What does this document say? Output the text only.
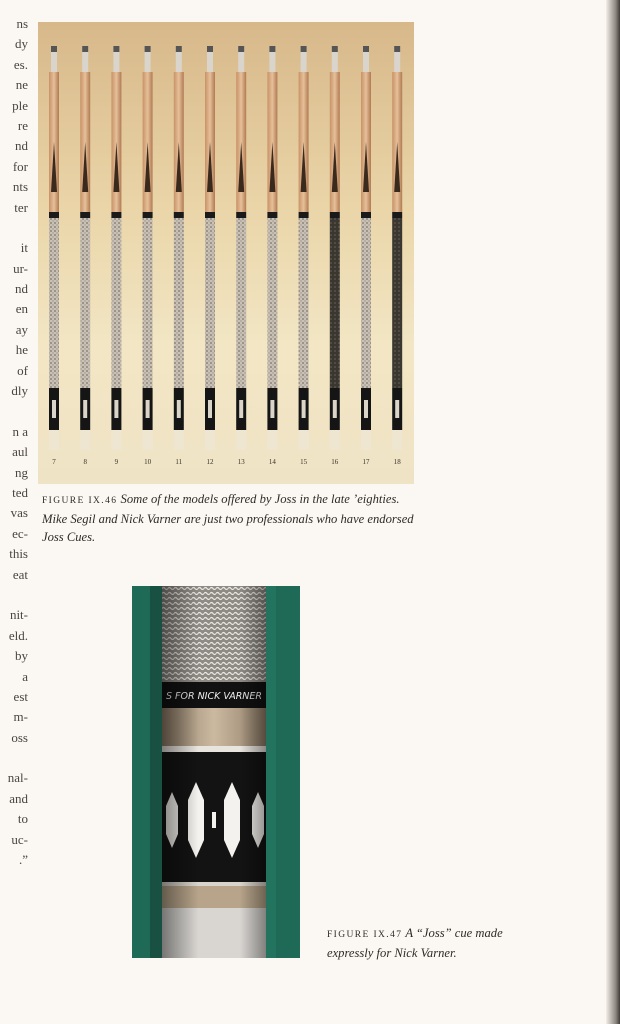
ns
dy
es.
ne
ple
re
nd
for
nts
ter
it
ur-
nd
en
ay
he
of
dly
n a
aul
ng
ted
vas
ec-
this
eat
nit-
eld.
by
a
est
m-
oss
nal-
and
to
uc-
.”
7	8	9	10	11	12	13	14	15	16	17	18
FIGURE IX.46 Some of the models offered by Joss in the late ’eighties. Mike Segil and Nick Varner are just two professionals who have endorsed Joss Cues.
FIGURE IX.47 A “Joss” cue made expressly for Nick Varner.
